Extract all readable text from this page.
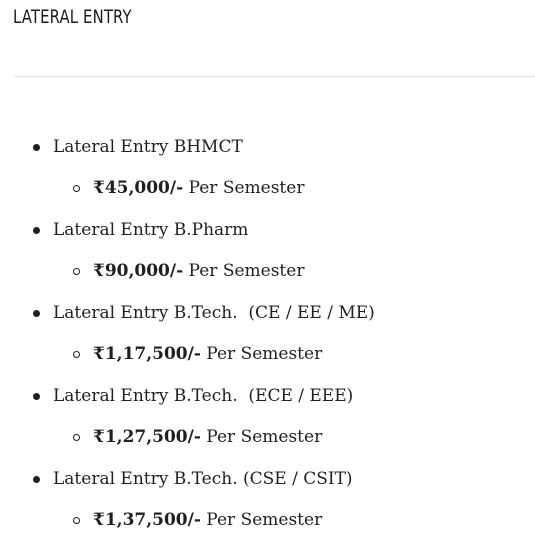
LATERAL ENTRY
Lateral Entry BHMCT
₹45,000/- Per Semester
Lateral Entry B.Pharm
₹90,000/- Per Semester
Lateral Entry B.Tech.  (CE / EE / ME)
₹1,17,500/- Per Semester
Lateral Entry B.Tech.  (ECE / EEE)
₹1,27,500/- Per Semester
Lateral Entry B.Tech. (CSE / CSIT)
₹1,37,500/- Per Semester
